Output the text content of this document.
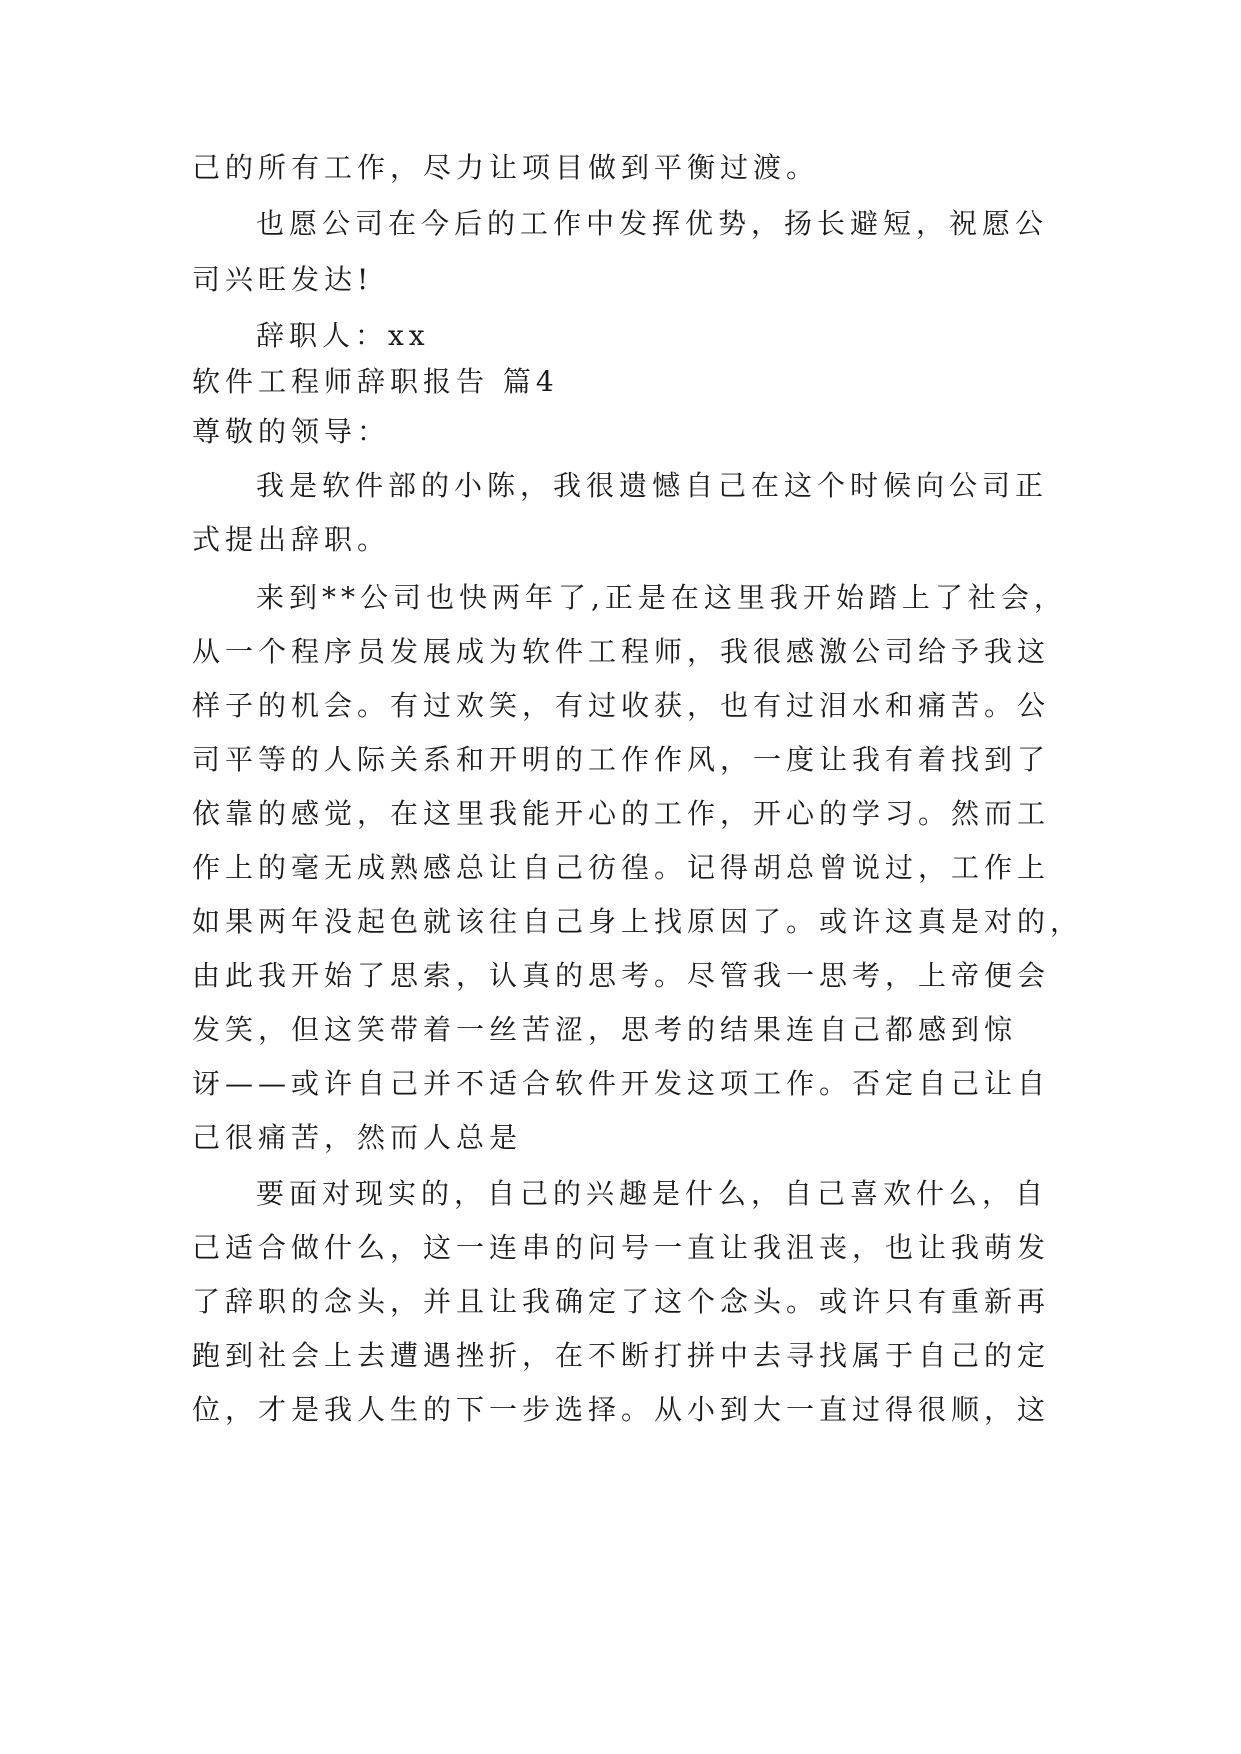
己的所有工作，尽力让项目做到平衡过渡。
也愿公司在今后的工作中发挥优势，扬长避短，祝愿公
司兴旺发达!
辞职人：xx
软件工程师辞职报告 篇4
尊敬的领导：
我是软件部的小陈，我很遗憾自己在这个时候向公司正
式提出辞职。
来到**公司也快两年了,正是在这里我开始踏上了社会，
从一个程序员发展成为软件工程师，我很感激公司给予我这
样子的机会。有过欢笑，有过收获，也有过泪水和痛苦。公
司平等的人际关系和开明的工作作风，一度让我有着找到了
依靠的感觉，在这里我能开心的工作，开心的学习。然而工
作上的毫无成熟感总让自己彷徨。记得胡总曾说过，工作上
如果两年没起色就该往自己身上找原因了。或许这真是对的，
由此我开始了思索，认真的思考。尽管我一思考，上帝便会
发笑，但这笑带着一丝苦涩，思考的结果连自己都感到惊
讶——或许自己并不适合软件开发这项工作。否定自己让自
己很痛苦，然而人总是
要面对现实的，自己的兴趣是什么，自己喜欢什么，自
己适合做什么，这一连串的问号一直让我沮丧，也让我萌发
了辞职的念头，并且让我确定了这个念头。或许只有重新再
跑到社会上去遭遇挫折，在不断打拼中去寻找属于自己的定
位，才是我人生的下一步选择。从小到大一直过得很顺，这
